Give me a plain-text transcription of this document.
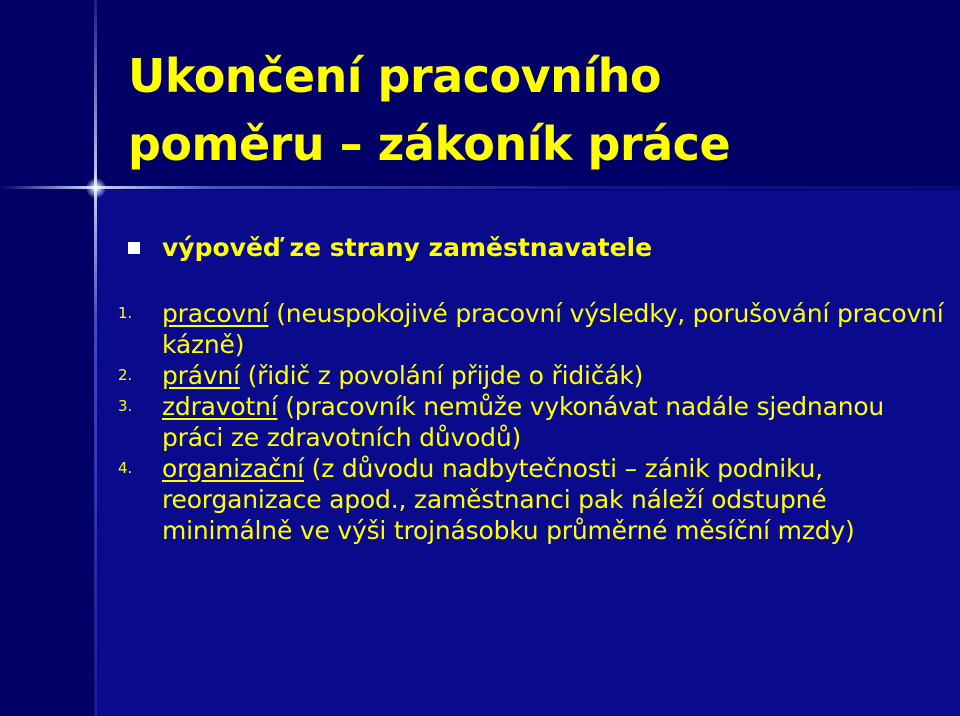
Ukončení pracovního
poměru – zákoník práce
výpověď ze strany zaměstnavatele
1.	pracovní (neuspokojivé pracovní výsledky, porušování pracovní kázně)
2.	právní (řidič z povolání přijde o řidičák)
3.	zdravotní (pracovník nemůže vykonávat nadále sjednanou práci ze zdravotních důvodů)
4.	organizační (z důvodu nadbytečnosti – zánik podniku, reorganizace apod., zaměstnanci pak náleží odstupné minimálně ve výši trojnásobku průměrné měsíční mzdy)
